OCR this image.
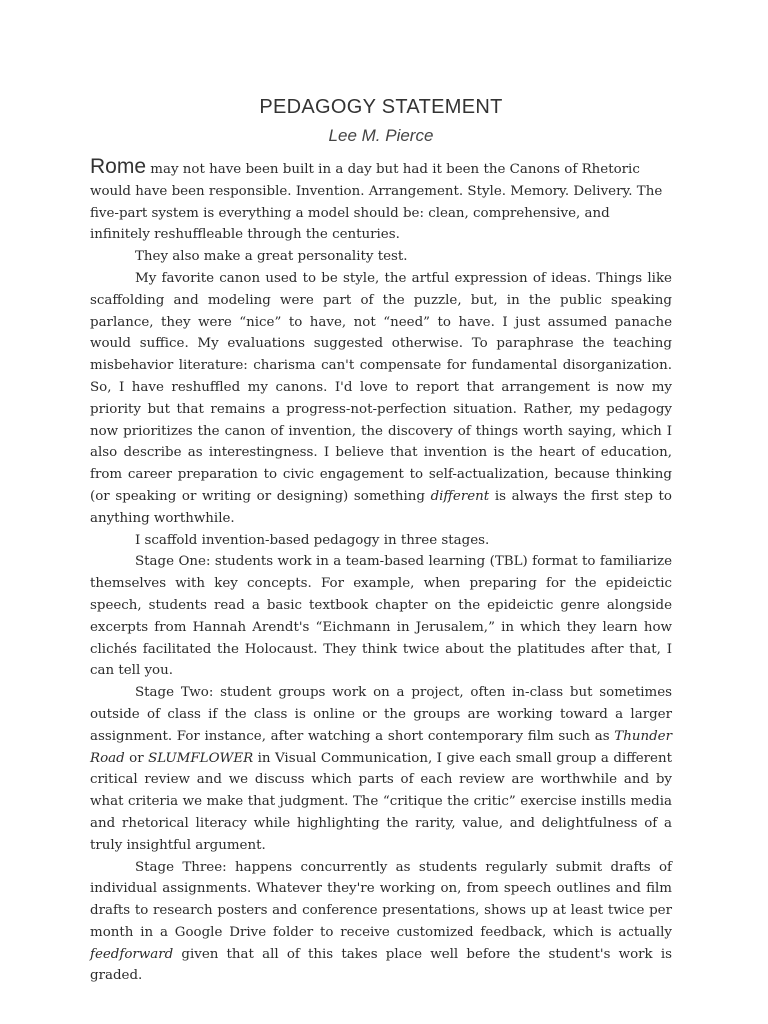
PEDAGOGY STATEMENT
Lee M. Pierce

Rome may not have been built in a day but had it been the Canons of Rhetoric would have been responsible. Invention. Arrangement. Style. Memory. Delivery. The five-part system is everything a model should be: clean, comprehensive, and infinitely reshuffleable through the centuries.

They also make a great personality test.

My favorite canon used to be style, the artful expression of ideas. Things like scaffolding and modeling were part of the puzzle, but, in the public speaking parlance, they were “nice” to have, not “need” to have. I just assumed panache would suffice. My evaluations suggested otherwise. To paraphrase the teaching misbehavior literature: charisma can't compensate for fundamental disorganization. So, I have reshuffled my canons. I'd love to report that arrangement is now my priority but that remains a progress-not-perfection situation. Rather, my pedagogy now prioritizes the canon of invention, the discovery of things worth saying, which I also describe as interestingness. I believe that invention is the heart of education, from career preparation to civic engagement to self-actualization, because thinking (or speaking or writing or designing) something different is always the first step to anything worthwhile.

I scaffold invention-based pedagogy in three stages.

Stage One: students work in a team-based learning (TBL) format to familiarize themselves with key concepts. For example, when preparing for the epideictic speech, students read a basic textbook chapter on the epideictic genre alongside excerpts from Hannah Arendt's “Eichmann in Jerusalem,” in which they learn how clichés facilitated the Holocaust. They think twice about the platitudes after that, I can tell you.

Stage Two: student groups work on a project, often in-class but sometimes outside of class if the class is online or the groups are working toward a larger assignment. For instance, after watching a short contemporary film such as Thunder Road or SLUMFLOWER in Visual Communication, I give each small group a different critical review and we discuss which parts of each review are worthwhile and by what criteria we make that judgment. The “critique the critic” exercise instills media and rhetorical literacy while highlighting the rarity, value, and delightfulness of a truly insightful argument.

Stage Three: happens concurrently as students regularly submit drafts of individual assignments. Whatever they're working on, from speech outlines and film drafts to research posters and conference presentations, shows up at least twice per month in a Google Drive folder to receive customized feedback, which is actually feedforward given that all of this takes place well before the student's work is graded.
